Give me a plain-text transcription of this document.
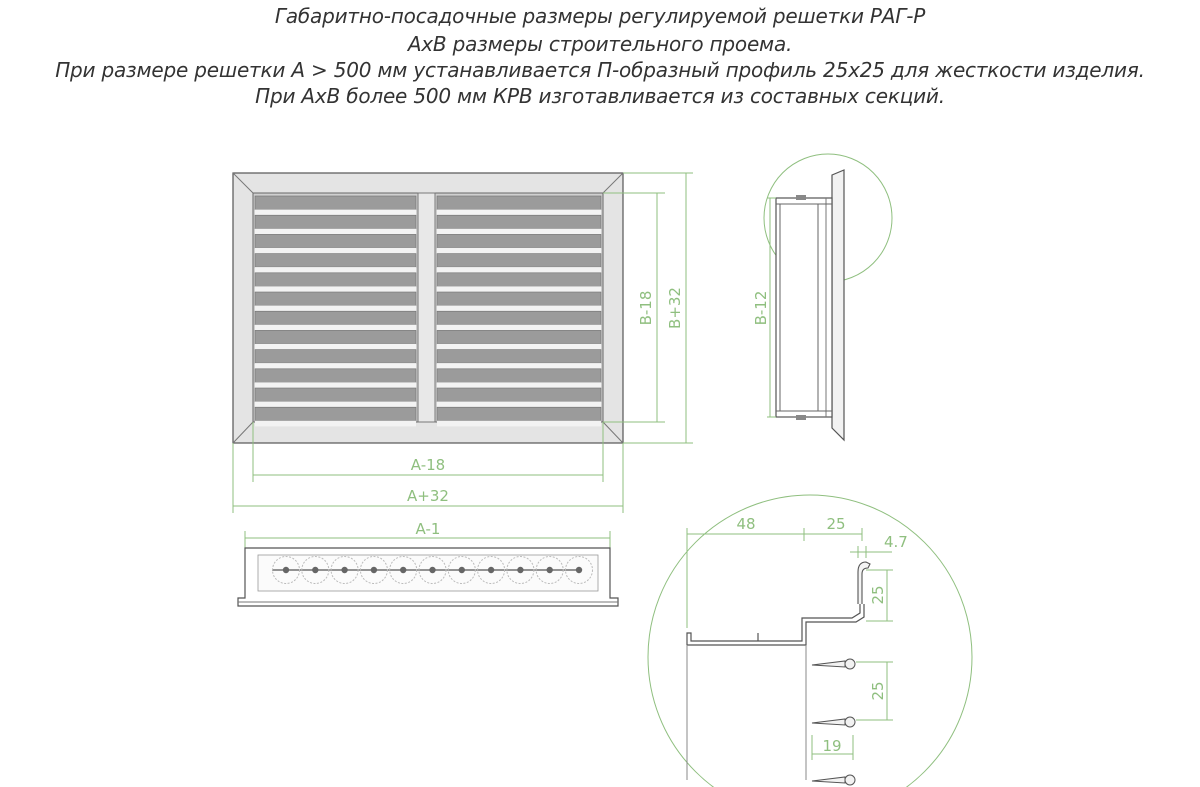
Габаритно-посадочные размеры регулируемой решетки РАГ-Р
АхВ размеры строительного проема.
При размере решетки А > 500 мм устанавливается П-образный профиль 25х25 для жесткости изделия.
При АхВ более 500 мм КРВ изготавливается из составных секций.
B-18 B+32
A-18
A+32
B-12
A-1	48	25
4.7
25
25
19
